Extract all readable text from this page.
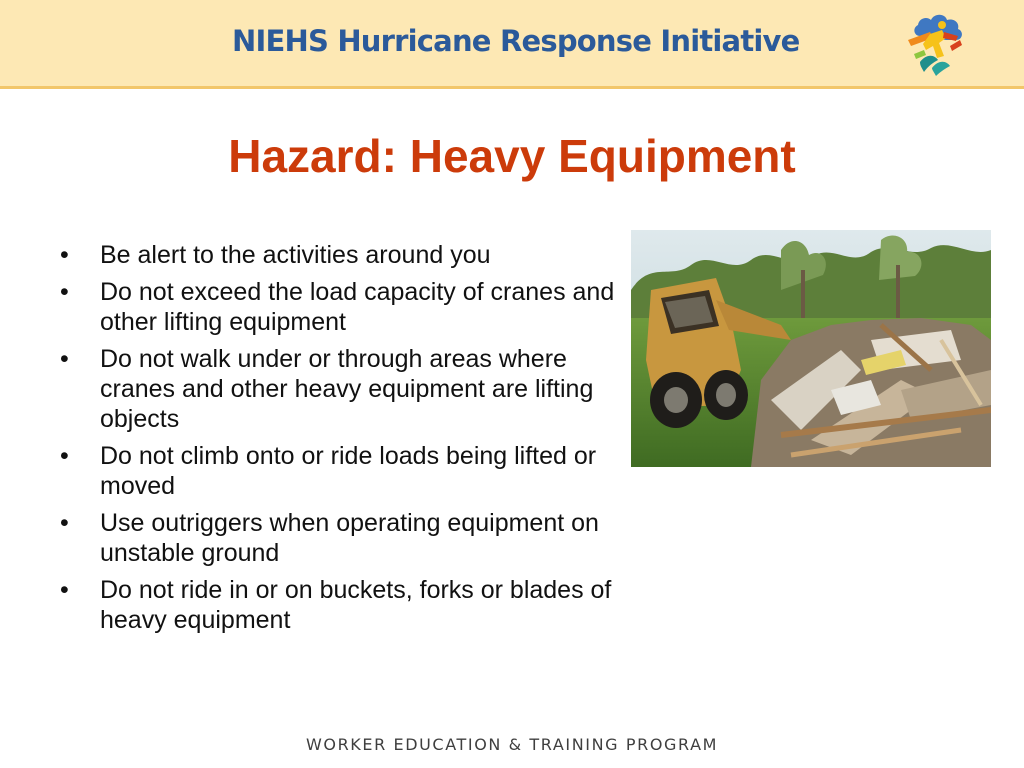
NIEHS Hurricane Response Initiative
Hazard: Heavy Equipment
• Be alert to the activities around you
• Do not exceed the load capacity of cranes and other lifting equipment
• Do not walk under or through areas where cranes and other heavy equipment are lifting objects
• Do not climb onto or ride loads being lifted or moved
• Use outriggers when operating equipment on unstable ground
• Do not ride in or on buckets, forks or blades of heavy equipment
WORKER EDUCATION & TRAINING PROGRAM
